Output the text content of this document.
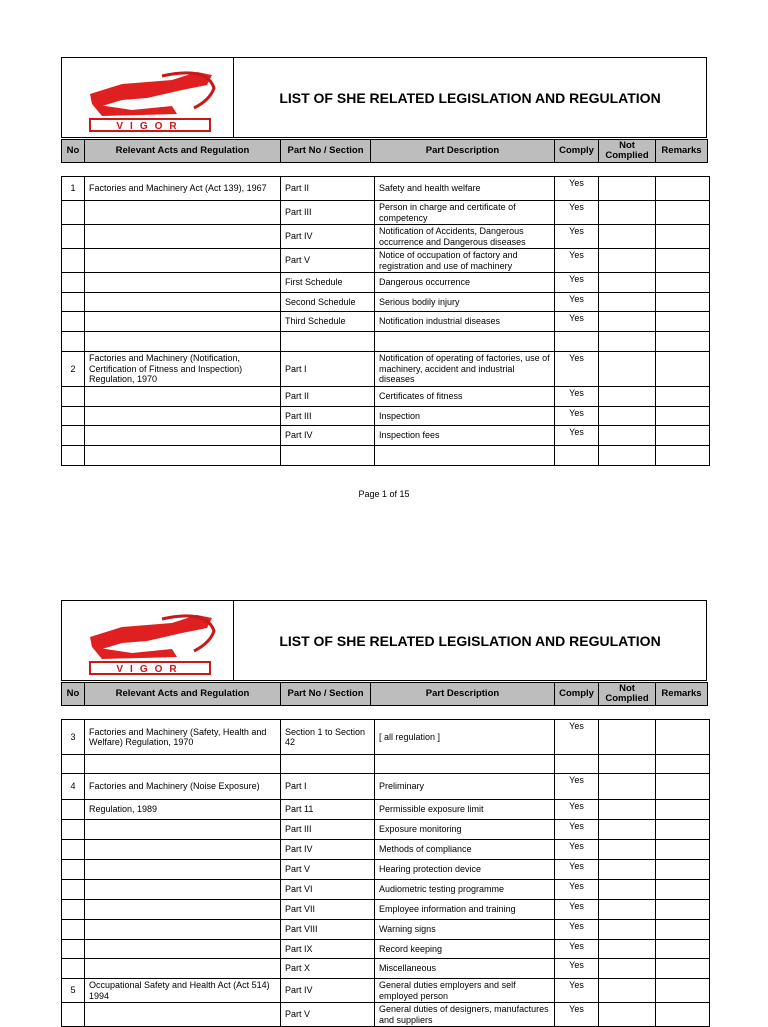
VIGOR
LIST OF SHE RELATED LEGISLATION AND REGULATION
No	Relevant Acts and Regulation	Part No / Section	Part Description	Comply	Not Complied	Remarks
1	Factories and Machinery Act (Act 139), 1967	Part II	Safety and health welfare	Yes		
		Part III	Person in charge and certificate of competency	Yes		
		Part IV	Notification of Accidents, Dangerous occurrence and Dangerous diseases	Yes		
		Part V	Notice of occupation of factory and registration and use of machinery	Yes		
		First Schedule	Dangerous occurrence	Yes		
		Second Schedule	Serious bodily injury	Yes		
		Third Schedule	Notification industrial diseases	Yes		

2	Factories and Machinery (Notification, Certification of Fitness and Inspection) Regulation, 1970	Part I	Notification of operating of factories, use of machinery, accident and industrial diseases	Yes		
		Part II	Certificates of fitness	Yes		
		Part III	Inspection	Yes		
		Part IV	Inspection fees	Yes		

Page 1 of 15
VIGOR
LIST OF SHE RELATED LEGISLATION AND REGULATION
No	Relevant Acts and Regulation	Part No / Section	Part Description	Comply	Not Complied	Remarks
3	Factories and Machinery (Safety, Health and Welfare) Regulation, 1970	Section 1 to Section 42	[ all regulation ]	Yes		

4	Factories and Machinery (Noise Exposure)	Part I	Preliminary	Yes		
	Regulation, 1989	Part 11	Permissible exposure limit	Yes		
		Part III	Exposure monitoring	Yes		
		Part IV	Methods of compliance	Yes		
		Part V	Hearing protection device	Yes		
		Part VI	Audiometric testing programme	Yes		
		Part VII	Employee information and training	Yes		
		Part VIII	Warning signs	Yes		
		Part IX	Record keeping	Yes		
		Part X	Miscellaneous	Yes		
5	Occupational Safety and Health Act (Act 514) 1994	Part IV	General duties employers and self employed person	Yes		
		Part V	General duties of designers, manufactures and suppliers	Yes		
